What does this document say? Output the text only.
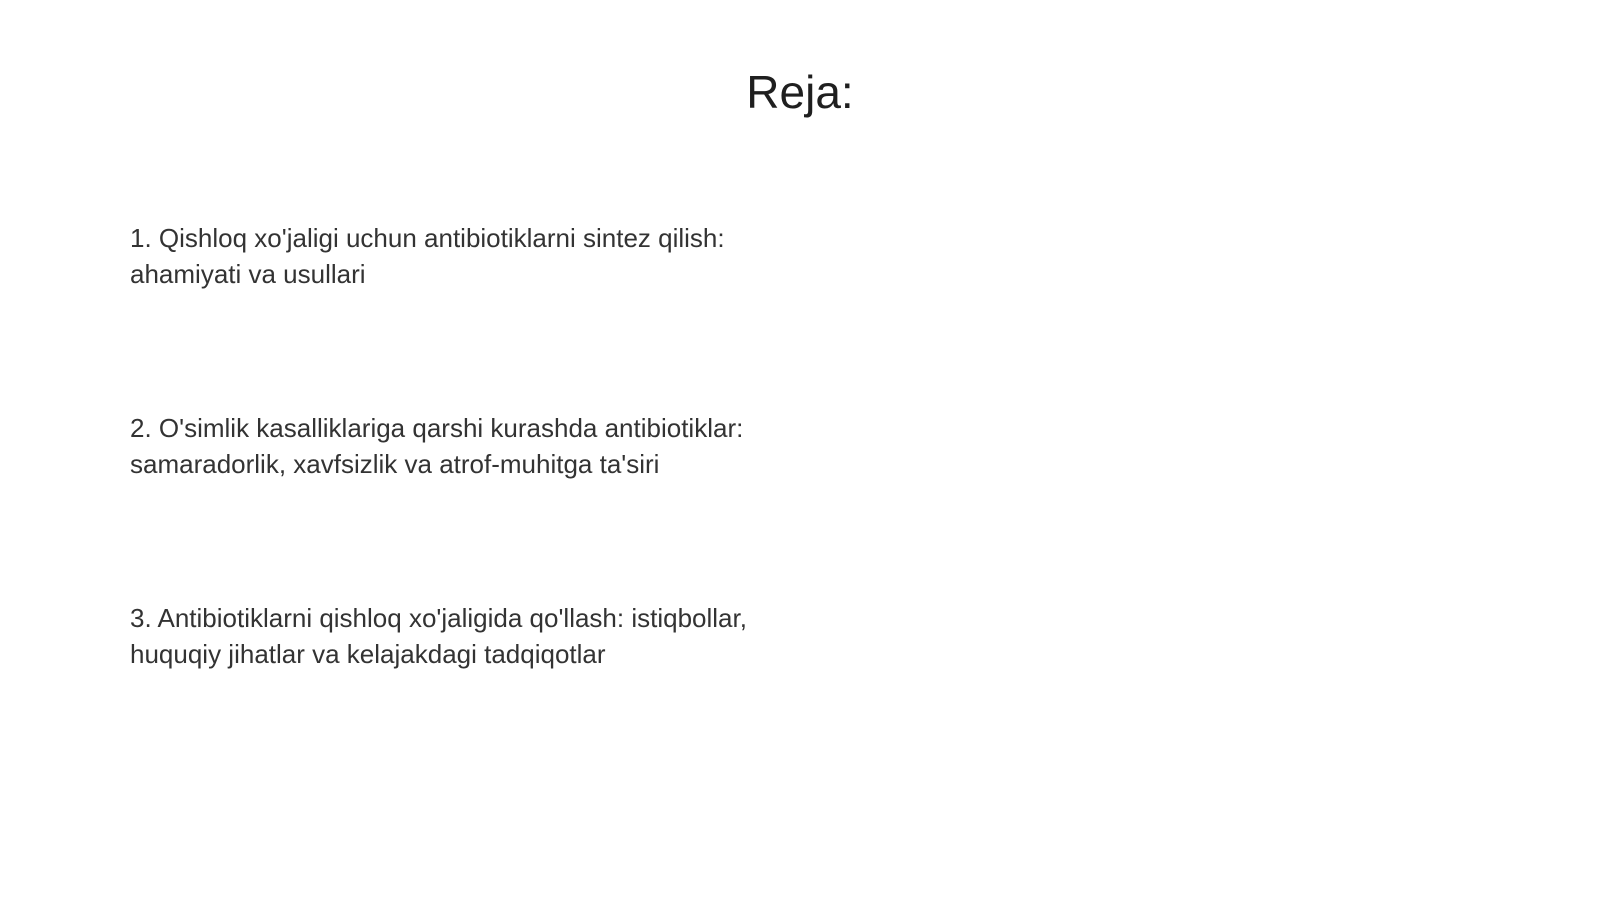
Reja:
1. Qishloq xo'jaligi uchun antibiotiklarni sintez qilish:
ahamiyati va usullari
2. O'simlik kasalliklariga qarshi kurashda antibiotiklar:
samaradorlik, xavfsizlik va atrof-muhitga ta'siri
3. Antibiotiklarni qishloq xo'jaligida qo'llash: istiqbollar,
huquqiy jihatlar va kelajakdagi tadqiqotlar
